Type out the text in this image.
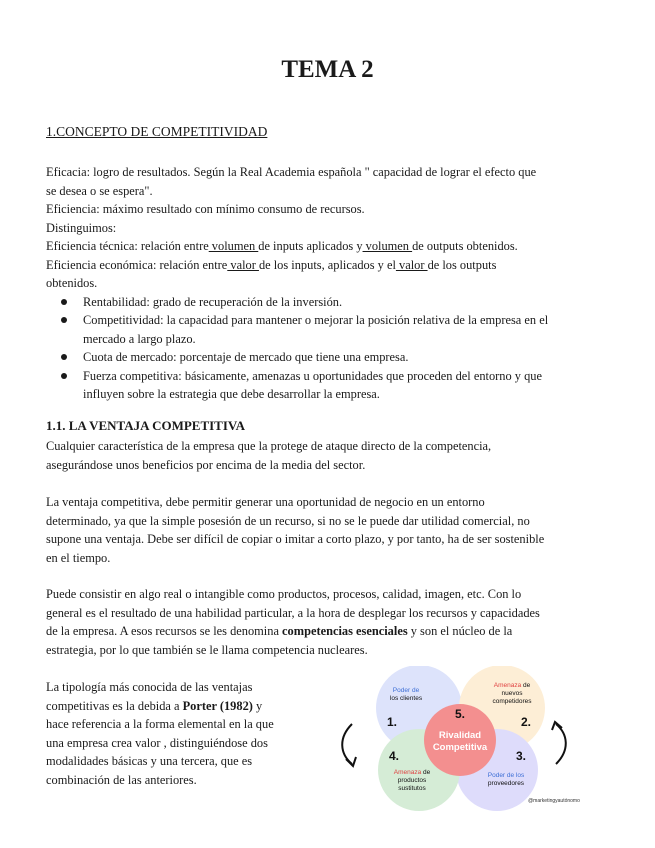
TEMA 2
1.CONCEPTO DE COMPETITIVIDAD

Eficacia: logro de resultados. Según la Real Academia española " capacidad de lograr el efecto que

se desea o se espera".

Eficiencia: máximo resultado con mínimo consumo de recursos.

Distinguimos:

Eficiencia técnica: relación entre volumen de inputs aplicados y volumen de outputs obtenidos.

Eficiencia económica: relación entre valor de los inputs, aplicados y el valor de los outputs

obtenidos.

Rentabilidad: grado de recuperación de la inversión.
Competitividad: la capacidad para mantener o mejorar la posición relativa de la empresa en el
mercado a largo plazo.
Cuota de mercado: porcentaje de mercado que tiene una empresa.
Fuerza competitiva: básicamente, amenazas u oportunidades que proceden del entorno y que
influyen sobre la estrategia que debe desarrollar la empresa.
1.1. LA VENTAJA COMPETITIVA

Cualquier característica de la empresa que la protege de ataque directo de la competencia,

asegurándose unos beneficios por encima de la media del sector.

La ventaja competitiva, debe permitir generar una oportunidad de negocio en un entorno

determinado, ya que la simple posesión de un recurso, si no se le puede dar utilidad comercial, no

supone una ventaja. Debe ser difícil de copiar o imitar a corto plazo, y por tanto, ha de ser sostenible

en el tiempo.

Puede consistir en algo real o intangible como productos, procesos, calidad, imagen, etc. Con lo

general es el resultado de una habilidad particular, a la hora de desplegar los recursos y capacidades

de la empresa. A esos recursos se les denomina competencias esenciales y son el núcleo de la

estrategia, por lo que también se le llama competencia nucleares.

La tipología más conocida de las ventajas

competitivas es la debida a Porter (1982) y

hace referencia a la forma elemental en la que

una empresa crea valor , distinguiéndose dos

modalidades básicas y una tercera, que es

combinación de las anteriores.

5.
Rivalidad
Competitiva
Poder de
los clientes
1.
Amenaza de
nuevos
competidores
2.
3.
Poder de los
proveedores
4.
Amenaza de
productos
sustitutos
@marketingyautónomo
